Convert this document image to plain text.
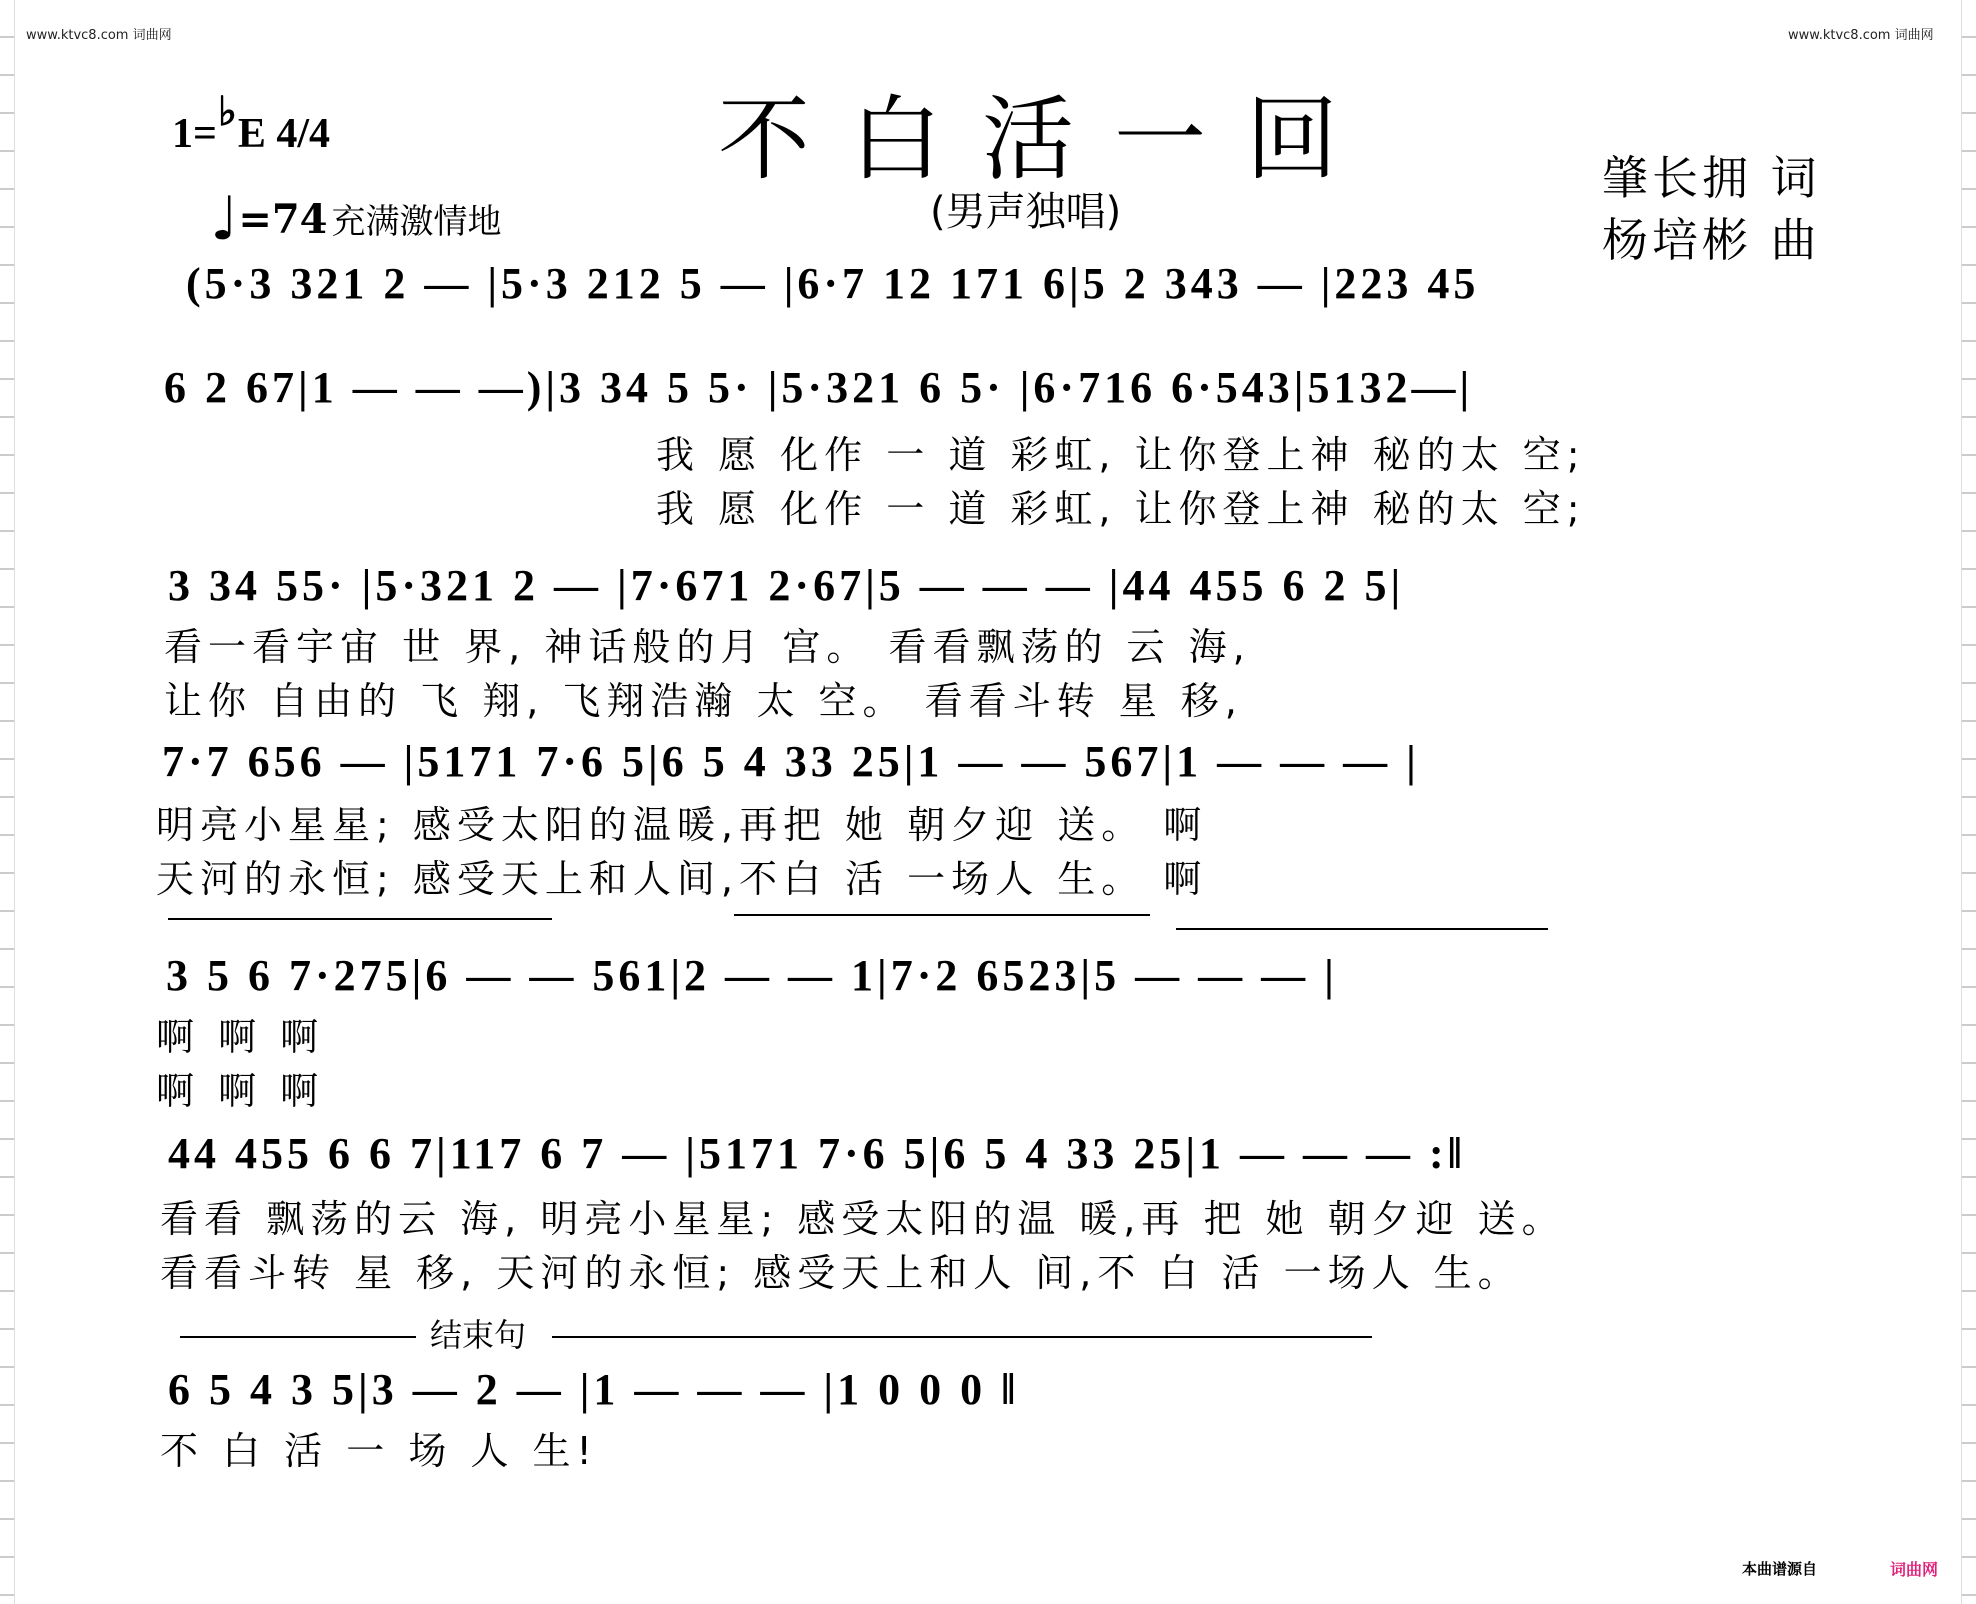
www.ktvc8.com 词曲网	www.ktvc8.com 词曲网
1=♭E 4/4	不白活一回
(男声独唱)
♩=74 充满激情地
肇长拥 词
杨培彬 曲
(5·3 321 2 — |5·3 212 5 — |6·7 12 171 6|5 2 343 — |223 45
6 2 67|1 — — —)|3 34 5 5· |5·321 6 5· |6·716 6·543|5132—|
我 愿 化作 一 道 彩虹, 让你登上神 秘的太 空;
我 愿 化作 一 道 彩虹, 让你登上神 秘的太 空;
3 34 55· |5·321 2 — |7·671 2·67|5 — — — |44 455 6 2 5|
看一看宇宙 世 界, 神话般的月 宫。 看看飘荡的 云 海,
让你 自由的 飞 翔, 飞翔浩瀚 太 空。 看看斗转 星 移,
7·7 656 — |5171 7·6 5|6 5 4 33 25|1 — — 567|1 — — — |
明亮小星星; 感受太阳的温暖,再把 她 朝夕迎 送。 啊
天河的永恒; 感受天上和人间,不白 活 一场人 生。 啊
3 5 6 7·275|6 — — 561|2 — — 1|7·2 6523|5 — — — |
啊 啊 啊
啊 啊 啊
44 455 6 6 7|117 6 7 — |5171 7·6 5|6 5 4 33 25|1 — — — :‖
看看 飘荡的云 海, 明亮小星星; 感受太阳的温 暖,再 把 她 朝夕迎 送。
看看斗转 星 移, 天河的永恒; 感受天上和人 间,不 白 活 一场人 生。
结束句
6 5 4 3 5|3 — 2 — |1 — — — |1 0 0 0 ‖
不 白 活 一 场 人 生!
本曲谱源自	词曲网
